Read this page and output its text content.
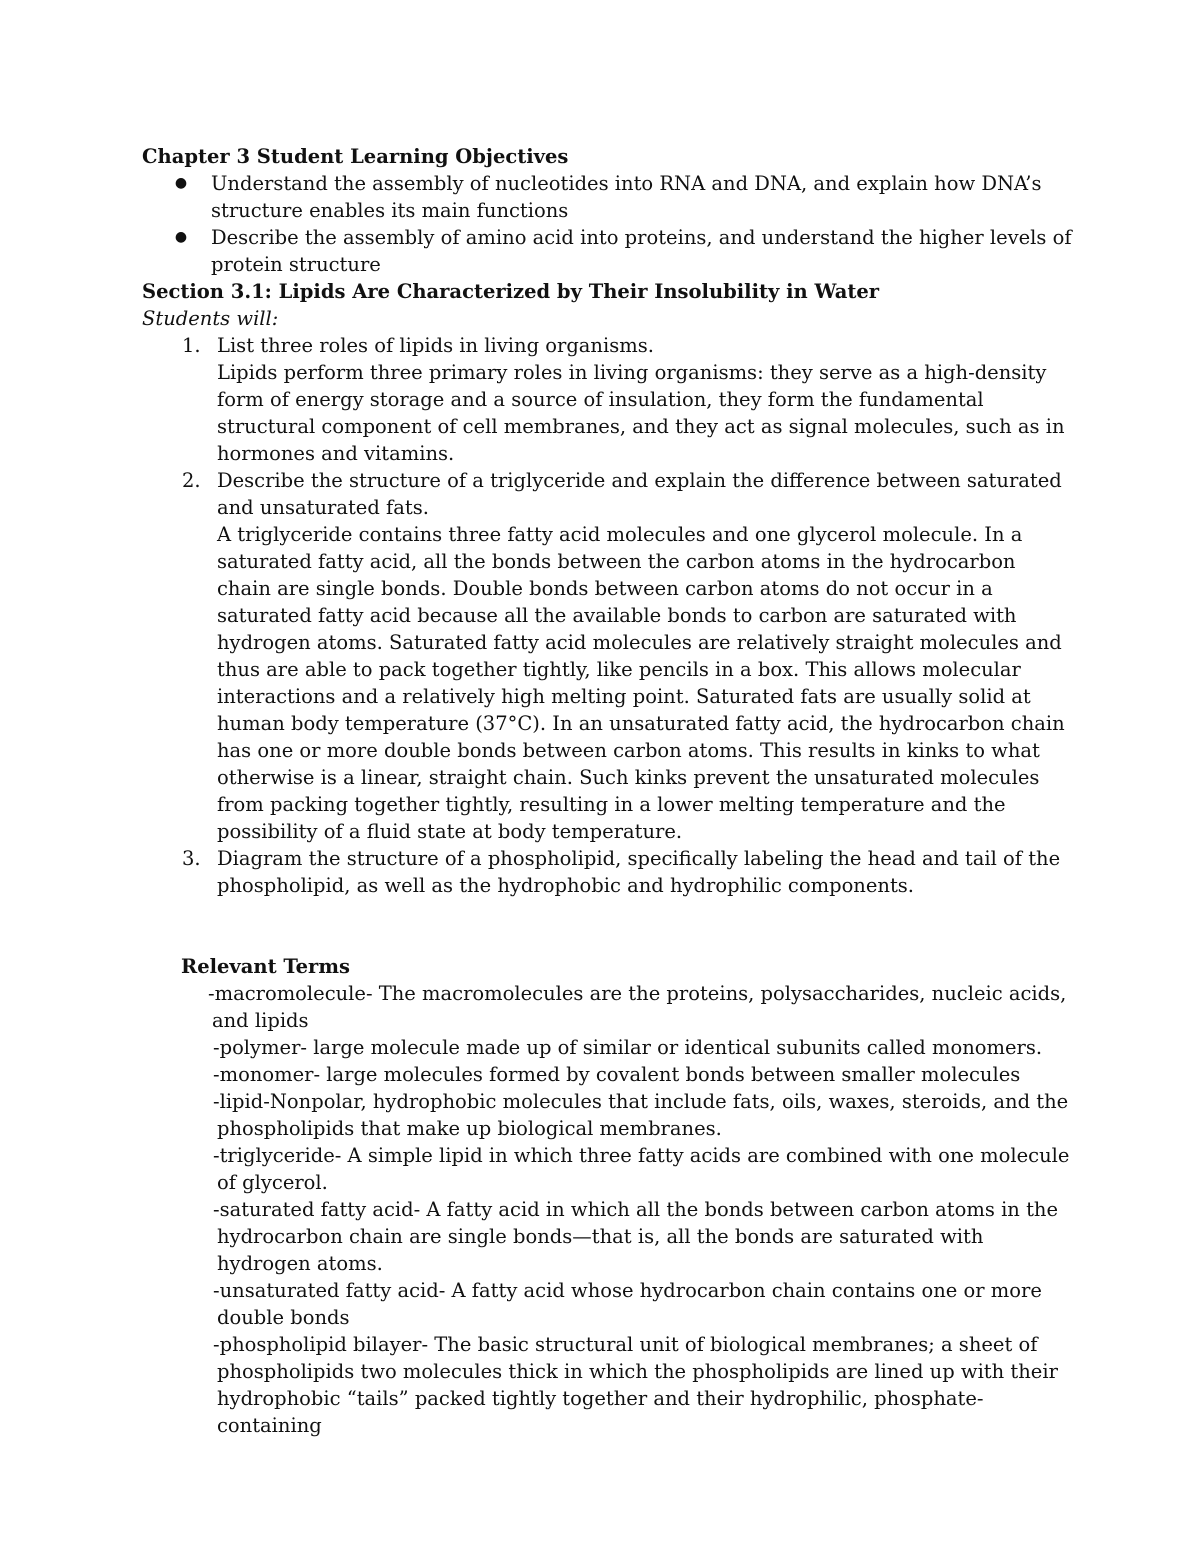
Chapter 3 Student Learning Objectives

● Understand the assembly of nucleotides into RNA and DNA, and explain how DNA’s structure enables its main functions
● Describe the assembly of amino acid into proteins, and understand the higher levels of protein structure

Section 3.1: Lipids Are Characterized by Their Insolubility in Water

Students will:

1. List three roles of lipids in living organisms.
Lipids perform three primary roles in living organisms: they serve as a high-density form of energy storage and a source of insulation, they form the fundamental structural component of cell membranes, and they act as signal molecules, such as in hormones and vitamins.
2. Describe the structure of a triglyceride and explain the difference between saturated and unsaturated fats.
A triglyceride contains three fatty acid molecules and one glycerol molecule. In a saturated fatty acid, all the bonds between the carbon atoms in the hydrocarbon chain are single bonds. Double bonds between carbon atoms do not occur in a saturated fatty acid because all the available bonds to carbon are saturated with hydrogen atoms. Saturated fatty acid molecules are relatively straight molecules and thus are able to pack together tightly, like pencils in a box. This allows molecular interactions and a relatively high melting point. Saturated fats are usually solid at human body temperature (37°C). In an unsaturated fatty acid, the hydrocarbon chain has one or more double bonds between carbon atoms. This results in kinks to what otherwise is a linear, straight chain. Such kinks prevent the unsaturated molecules from packing together tightly, resulting in a lower melting temperature and the possibility of a fluid state at body temperature.
3. Diagram the structure of a phospholipid, specifically labeling the head and tail of the phospholipid, as well as the hydrophobic and hydrophilic components.

Relevant Terms

-macromolecule- The macromolecules are the proteins, polysaccharides, nucleic acids, and lipids
-polymer- large molecule made up of similar or identical subunits called monomers.
-monomer- large molecules formed by covalent bonds between smaller molecules
-lipid-Nonpolar, hydrophobic molecules that include fats, oils, waxes, steroids, and the phospholipids that make up biological membranes.
-triglyceride- A simple lipid in which three fatty acids are combined with one molecule of glycerol.
-saturated fatty acid- A fatty acid in which all the bonds between carbon atoms in the hydrocarbon chain are single bonds—that is, all the bonds are saturated with hydrogen atoms.
-unsaturated fatty acid- A fatty acid whose hydrocarbon chain contains one or more double bonds
-phospholipid bilayer- The basic structural unit of biological membranes; a sheet of phospholipids two molecules thick in which the phospholipids are lined up with their hydrophobic “tails” packed tightly together and their hydrophilic, phosphate-containing
